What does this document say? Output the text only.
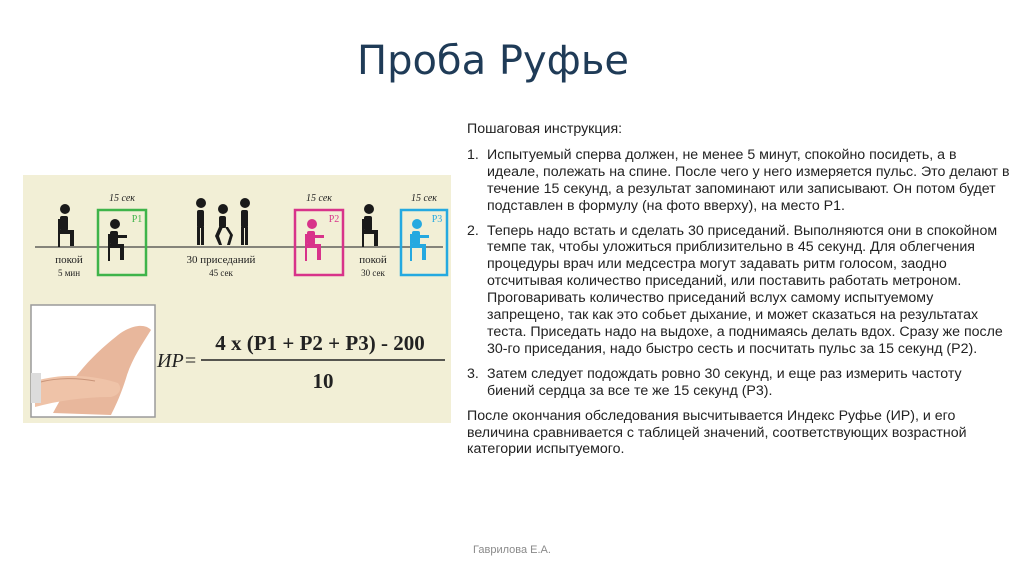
Проба Руфье
15 сек
P1
15 сек
P2
15 сек
P3
покой
5 мин
30 приседаний
45 сек
покой
30 сек
ИР=
4 x (P1 + P2 + P3) - 200
10

Пошаговая инструкция:

1. Испытуемый сперва должен, не менее 5 минут, спокойно посидеть, а в идеале, полежать на спине. После чего у него измеряется пульс. Это делают в течение 15 секунд, а результат запоминают или записывают. Он потом будет подставлен в формулу (на фото вверху), на место P1.
2. Теперь надо встать и сделать 30 приседаний. Выполняются они в спокойном темпе так, чтобы уложиться приблизительно в 45 секунд. Для облегчения процедуры врач или медсестра могут задавать ритм голосом, заодно отсчитывая количество приседаний, или поставить работать метроном. Проговаривать количество приседаний вслух самому испытуемому запрещено, так как это собьет дыхание, и может сказаться на результатах теста. Приседать надо на выдохе, а поднимаясь делать вдох. Сразу же после 30-го приседания, надо быстро сесть и посчитать пульс за 15 секунд (P2).
3. Затем следует подождать ровно 30 секунд, и еще раз измерить частоту биений сердца за все те же 15 секунд (P3).

После окончания обследования высчитывается Индекс Руфье (ИР), и его величина сравнивается с таблицей значений, соответствующих возрастной категории испытуемого.

Гаврилова Е.А.
